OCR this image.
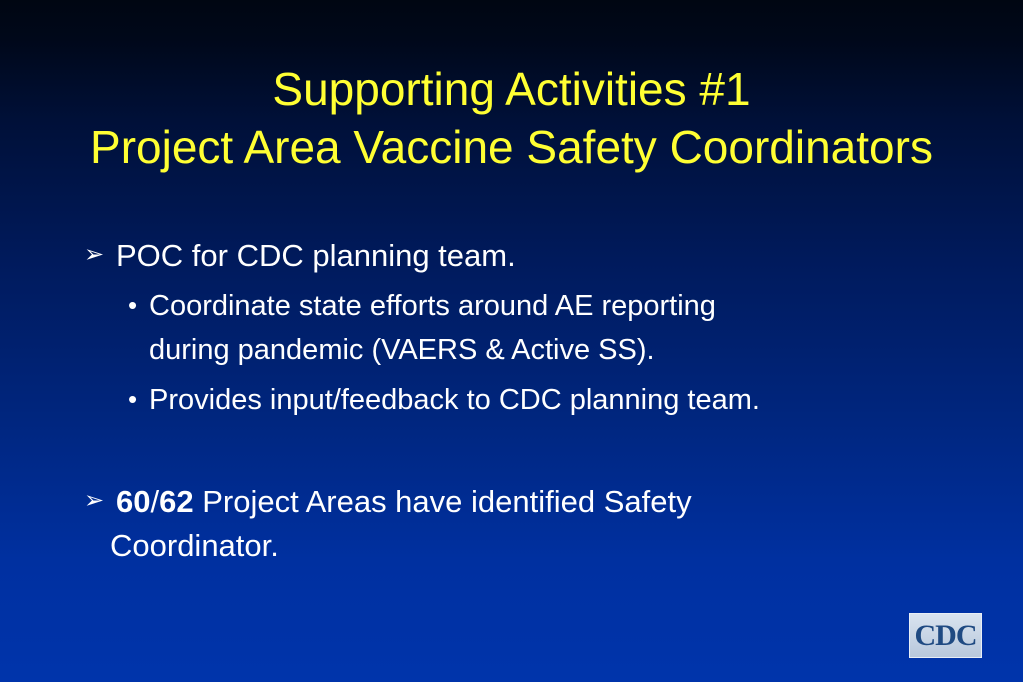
Supporting Activities #1
Project Area Vaccine Safety Coordinators
➢ POC for CDC planning team.
• Coordinate state efforts around AE reporting
during pandemic (VAERS & Active SS).
• Provides input/feedback to CDC planning team.
➢ 60/62 Project Areas have identified Safety
Coordinator.
CDC
